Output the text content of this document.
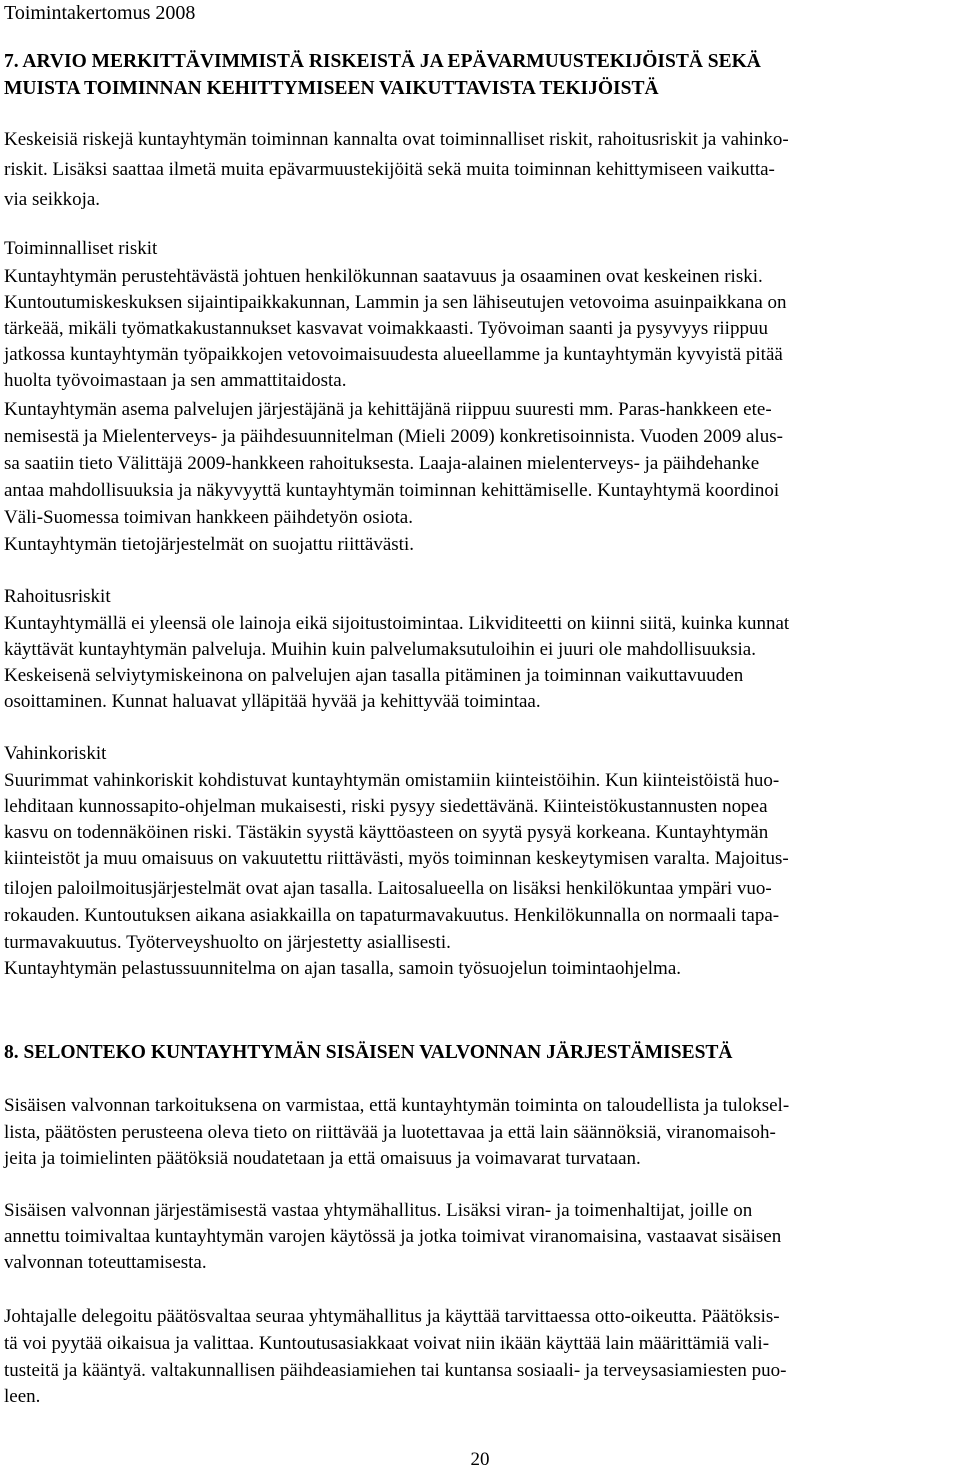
Toimintakertomus 2008
7. ARVIO MERKITTÄVIMMISTÄ RISKEISTÄ JA EPÄVARMUUSTEKIJÖISTÄ SEKÄ
MUISTA TOIMINNAN KEHITTYMISEEN VAIKUTTAVISTA TEKIJÖISTÄ
Keskeisiä riskejä kuntayhtymän toiminnan kannalta ovat toiminnalliset riskit, rahoitusriskit ja vahinko-
riskit. Lisäksi saattaa ilmetä muita epävarmuustekijöitä sekä muita toiminnan kehittymiseen vaikutta-
via seikkoja.
Toiminnalliset riskit
Kuntayhtymän perustehtävästä johtuen henkilökunnan saatavuus ja osaaminen ovat keskeinen riski.
Kuntoutumiskeskuksen sijaintipaikkakunnan, Lammin ja sen lähiseutujen vetovoima asuinpaikkana on
tärkeää, mikäli työmatkakustannukset kasvavat voimakkaasti. Työvoiman saanti ja pysyvyys riippuu
jatkossa kuntayhtymän työpaikkojen vetovoimaisuudesta alueellamme ja kuntayhtymän kyvyistä pitää
huolta työvoimastaan ja sen ammattitaidosta.
Kuntayhtymän asema palvelujen järjestäjänä ja kehittäjänä riippuu suuresti mm. Paras-hankkeen ete-
nemisestä ja Mielenterveys- ja päihdesuunnitelman (Mieli 2009) konkretisoinnista. Vuoden 2009 alus-
sa saatiin tieto Välittäjä 2009-hankkeen rahoituksesta. Laaja-alainen mielenterveys- ja päihdehanke
antaa mahdollisuuksia ja näkyvyyttä kuntayhtymän toiminnan kehittämiselle. Kuntayhtymä koordinoi
Väli-Suomessa toimivan hankkeen päihdetyön osiota.
Kuntayhtymän tietojärjestelmät on suojattu riittävästi.
Rahoitusriskit
Kuntayhtymällä ei yleensä ole lainoja eikä sijoitustoimintaa. Likviditeetti on kiinni siitä, kuinka kunnat
käyttävät kuntayhtymän palveluja. Muihin kuin palvelumaksutuloihin ei juuri ole mahdollisuuksia.
Keskeisenä selviytymiskeinona on palvelujen ajan tasalla pitäminen ja toiminnan vaikuttavuuden
osoittaminen. Kunnat haluavat ylläpitää hyvää ja kehittyvää toimintaa.
Vahinkoriskit
Suurimmat vahinkoriskit kohdistuvat kuntayhtymän omistamiin kiinteistöihin. Kun kiinteistöistä huo-
lehditaan kunnossapito-ohjelman mukaisesti, riski pysyy siedettävänä. Kiinteistökustannusten nopea
kasvu on todennäköinen riski. Tästäkin syystä käyttöasteen on syytä pysyä korkeana. Kuntayhtymän
kiinteistöt ja muu omaisuus on vakuutettu riittävästi, myös toiminnan keskeytymisen varalta. Majoitus-
tilojen paloilmoitusjärjestelmät ovat ajan tasalla. Laitosalueella on lisäksi henkilökuntaa ympäri vuo-
rokauden. Kuntoutuksen aikana asiakkailla on tapaturmavakuutus. Henkilökunnalla on normaali tapa-
turmavakuutus. Työterveyshuolto on järjestetty asiallisesti.
Kuntayhtymän pelastussuunnitelma on ajan tasalla, samoin työsuojelun toimintaohjelma.
8. SELONTEKO KUNTAYHTYMÄN SISÄISEN VALVONNAN JÄRJESTÄMISESTÄ
Sisäisen valvonnan tarkoituksena on varmistaa, että kuntayhtymän toiminta on taloudellista ja tuloksel-
lista, päätösten perusteena oleva tieto on riittävää ja luotettavaa ja että lain säännöksiä, viranomaisoh-
jeita ja toimielinten päätöksiä noudatetaan ja että omaisuus ja voimavarat turvataan.
Sisäisen valvonnan järjestämisestä vastaa yhtymähallitus. Lisäksi viran- ja toimenhaltijat, joille on
annettu toimivaltaa kuntayhtymän varojen käytössä ja jotka toimivat viranomaisina, vastaavat sisäisen
valvonnan toteuttamisesta.
Johtajalle delegoitu päätösvaltaa seuraa yhtymähallitus ja käyttää tarvittaessa otto-oikeutta. Päätöksis-
tä voi pyytää oikaisua ja valittaa. Kuntoutusasiakkaat voivat niin ikään käyttää lain määrittämiä vali-
tusteitä ja kääntyä. valtakunnallisen päihdeasiamiehen tai kuntansa sosiaali- ja terveysasiamiesten puo-
leen.
20
